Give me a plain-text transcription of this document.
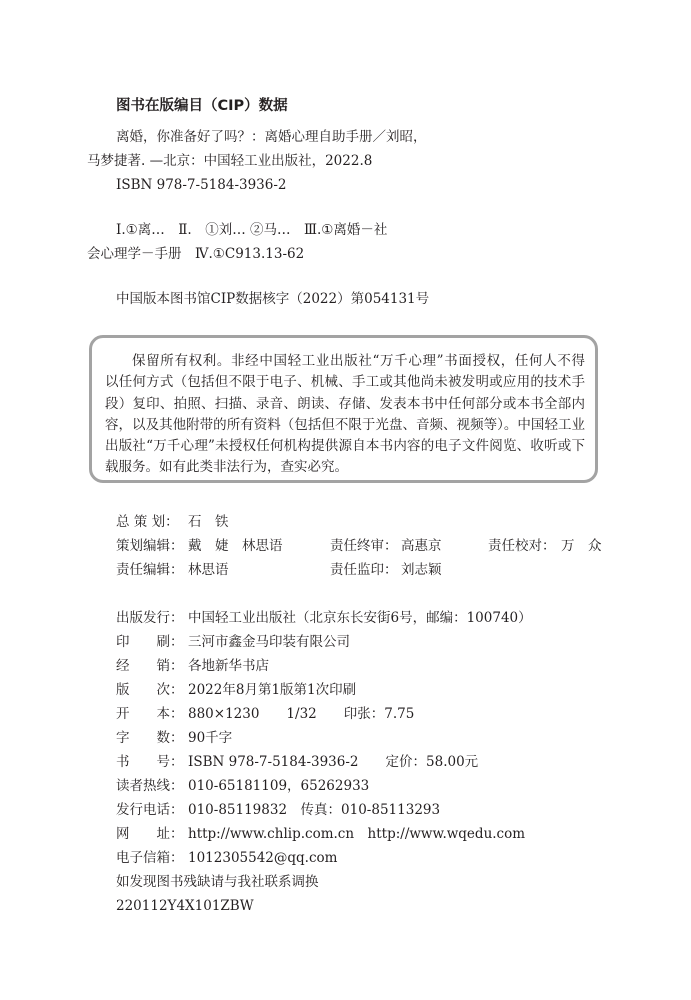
图书在版编目（CIP）数据
离婚，你准备好了吗？：离婚心理自助手册／刘昭，
马梦捷著. —北京：中国轻工业出版社，2022.8
ISBN 978-7-5184-3936-2
Ⅰ.①离…　Ⅱ.　①刘… ②马…　Ⅲ.①离婚－社
会心理学－手册　Ⅳ.①C913.13-62
中国版本图书馆CIP数据核字（2022）第054131号
保留所有权利。非经中国轻工业出版社“万千心理”书面授权，任何人不得
以任何方式（包括但不限于电子、机械、手工或其他尚未被发明或应用的技术手
段）复印、拍照、扫描、录音、朗读、存储、发表本书中任何部分或本书全部内
容，以及其他附带的所有资料（包括但不限于光盘、音频、视频等）。中国轻工业
出版社“万千心理”未授权任何机构提供源自本书内容的电子文件阅览、收听或下
载服务。如有此类非法行为，查实必究。
总 策 划： 石　铁
策划编辑： 戴　婕　林思语	责任终审： 高惠京	责任校对： 万　众
责任编辑： 林思语	责任监印： 刘志颖
出版发行： 中国轻工业出版社（北京东长安街6号，邮编：100740）
印　　刷： 三河市鑫金马印装有限公司
经　　销： 各地新华书店
版　　次： 2022年8月第1版第1次印刷
开　　本： 880×1230　　1/32　　印张：7.75
字　　数： 90千字
书　　号： ISBN 978-7-5184-3936-2　　定价：58.00元
读者热线： 010-65181109，65262933
发行电话： 010-85119832　传真：010-85113293
网　　址： http://www.chlip.com.cn　http://www.wqedu.com
电子信箱： 1012305542@qq.com
如发现图书残缺请与我社联系调换
220112Y4X101ZBW
